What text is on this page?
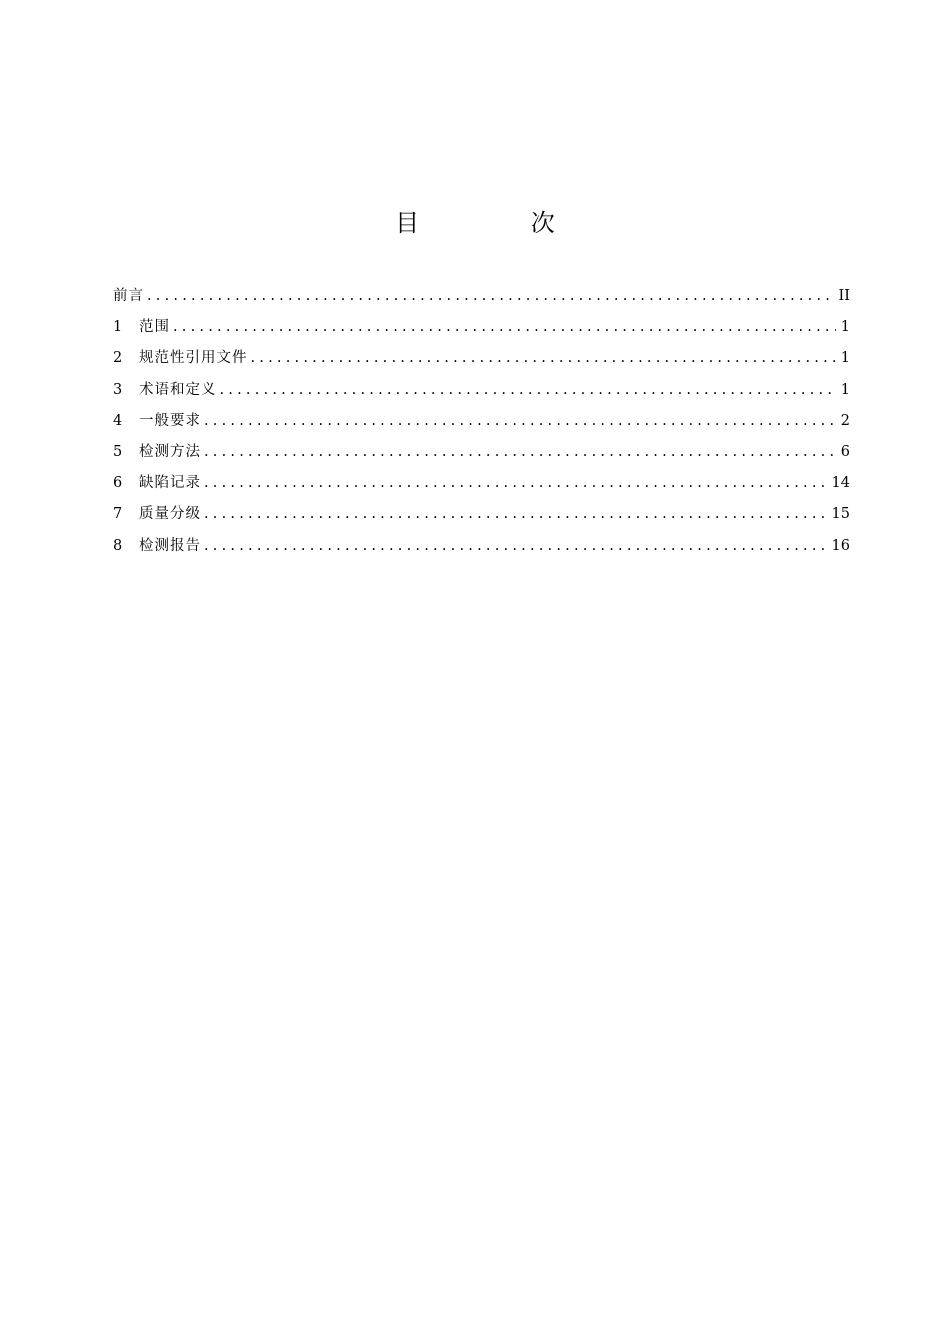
目 次
前言 .....	II
1	范围 .....	1
2	规范性引用文件 .....	1
3	术语和定义 .....	1
4	一般要求 .....	2
5	检测方法 .....	6
6	缺陷记录 .....	14
7	质量分级 .....	15
8	检测报告 .....	16
